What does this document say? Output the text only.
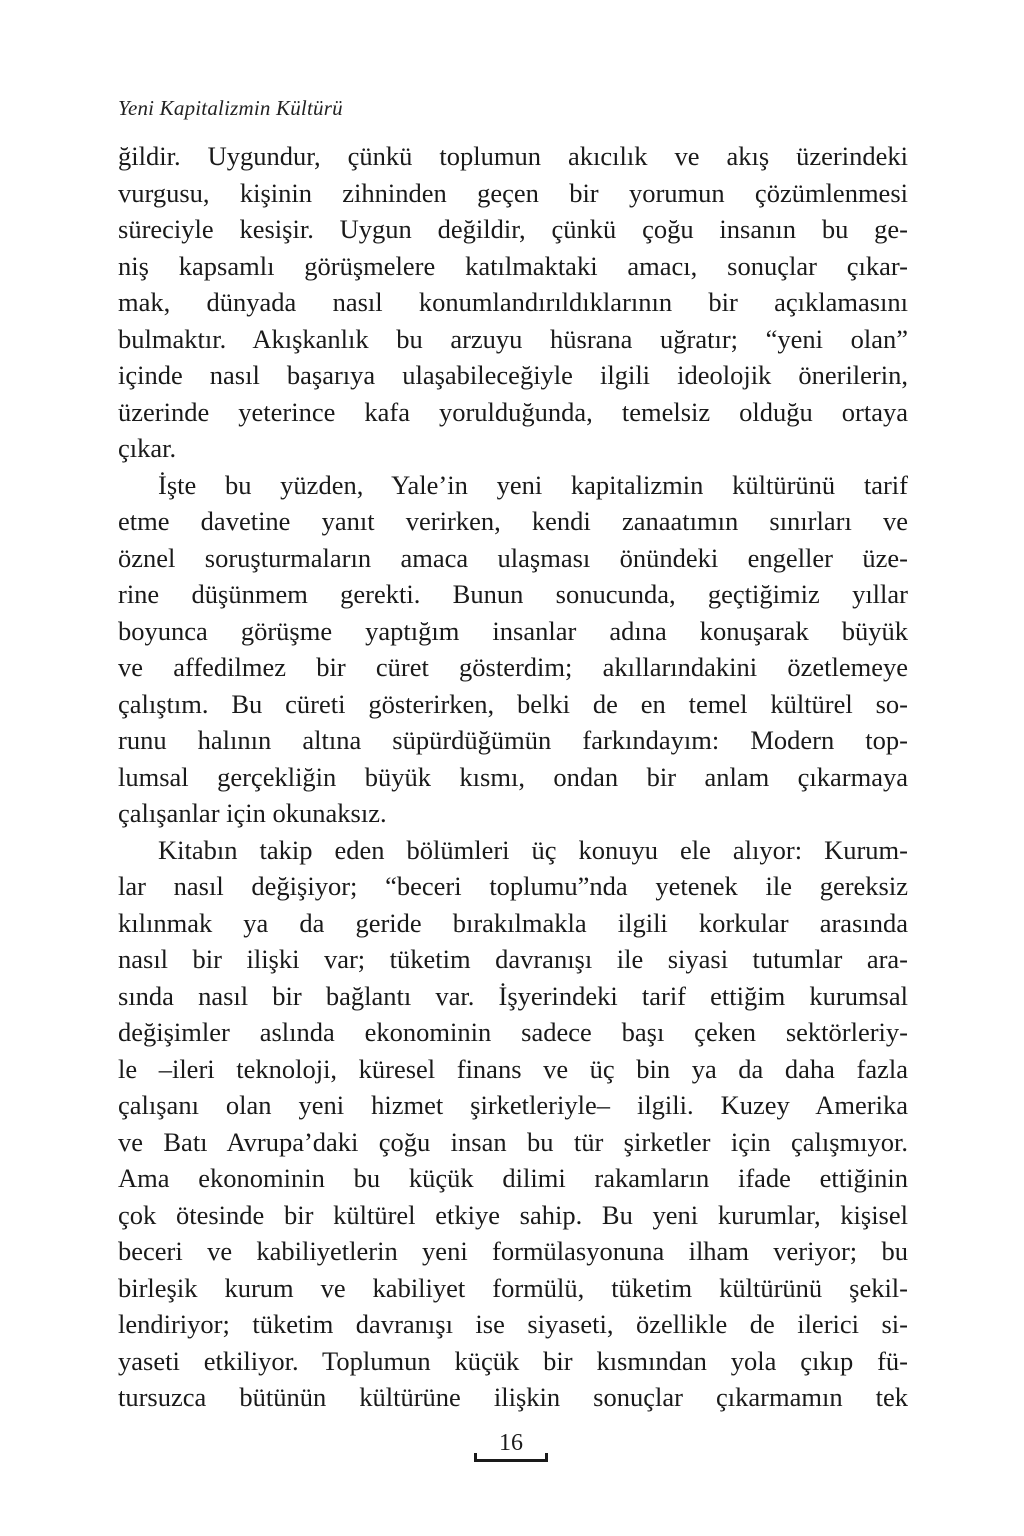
Yeni Kapitalizmin Kültürü
ğildir. Uygundur, çünkü toplumun akıcılık ve akış üzerindeki
vurgusu, kişinin zihninden geçen bir yorumun çözümlenmesi
süreciyle kesişir. Uygun değildir, çünkü çoğu insanın bu ge-
niş kapsamlı görüşmelere katılmaktaki amacı, sonuçlar çıkar-
mak, dünyada nasıl konumlandırıldıklarının bir açıklamasını
bulmaktır. Akışkanlık bu arzuyu hüsrana uğratır; “yeni olan”
içinde nasıl başarıya ulaşabileceğiyle ilgili ideolojik önerilerin,
üzerinde yeterince kafa yorulduğunda, temelsiz olduğu ortaya
çıkar.
İşte bu yüzden, Yale’in yeni kapitalizmin kültürünü tarif
etme davetine yanıt verirken, kendi zanaatımın sınırları ve
öznel soruşturmaların amaca ulaşması önündeki engeller üze-
rine düşünmem gerekti. Bunun sonucunda, geçtiğimiz yıllar
boyunca görüşme yaptığım insanlar adına konuşarak büyük
ve affedilmez bir cüret gösterdim; akıllarındakini özetlemeye
çalıştım. Bu cüreti gösterirken, belki de en temel kültürel so-
runu halının altına süpürdüğümün farkındayım: Modern top-
lumsal gerçekliğin büyük kısmı, ondan bir anlam çıkarmaya
çalışanlar için okunaksız.
Kitabın takip eden bölümleri üç konuyu ele alıyor: Kurum-
lar nasıl değişiyor; “beceri toplumu”nda yetenek ile gereksiz
kılınmak ya da geride bırakılmakla ilgili korkular arasında
nasıl bir ilişki var; tüketim davranışı ile siyasi tutumlar ara-
sında nasıl bir bağlantı var. İşyerindeki tarif ettiğim kurumsal
değişimler aslında ekonominin sadece başı çeken sektörleriy-
le –ileri teknoloji, küresel finans ve üç bin ya da daha fazla
çalışanı olan yeni hizmet şirketleriyle– ilgili. Kuzey Amerika
ve Batı Avrupa’daki çoğu insan bu tür şirketler için çalışmıyor.
Ama ekonominin bu küçük dilimi rakamların ifade ettiğinin
çok ötesinde bir kültürel etkiye sahip. Bu yeni kurumlar, kişisel
beceri ve kabiliyetlerin yeni formülasyonuna ilham veriyor; bu
birleşik kurum ve kabiliyet formülü, tüketim kültürünü şekil-
lendiriyor; tüketim davranışı ise siyaseti, özellikle de ilerici si-
yaseti etkiliyor. Toplumun küçük bir kısmından yola çıkıp fü-
tursuzca bütünün kültürüne ilişkin sonuçlar çıkarmamın tek
16
